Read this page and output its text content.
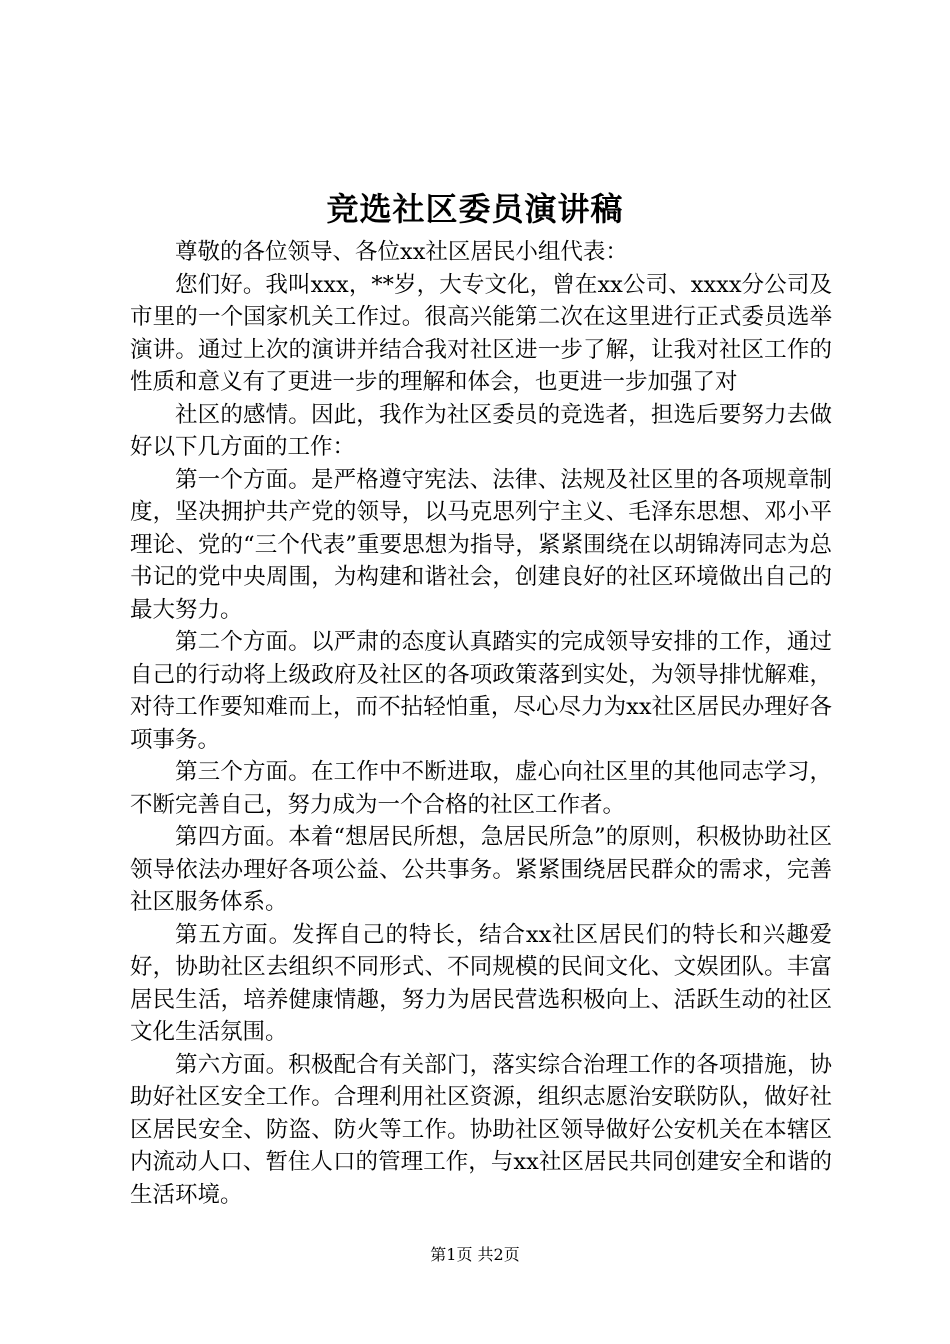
竞选社区委员演讲稿

尊敬的各位领导、各位xx社区居民小组代表：

您们好。我叫xxx，**岁，大专文化，曾在xx公司、xxxx分公司及市里的一个国家机关工作过。很高兴能第二次在这里进行正式委员选举演讲。通过上次的演讲并结合我对社区进一步了解，让我对社区工作的性质和意义有了更进一步的理解和体会，也更进一步加强了对

社区的感情。因此，我作为社区委员的竞选者，担选后要努力去做好以下几方面的工作：

第一个方面。是严格遵守宪法、法律、法规及社区里的各项规章制度，坚决拥护共产党的领导，以马克思列宁主义、毛泽东思想、邓小平理论、党的“三个代表”重要思想为指导，紧紧围绕在以胡锦涛同志为总书记的党中央周围，为构建和谐社会，创建良好的社区环境做出自己的最大努力。

第二个方面。以严肃的态度认真踏实的完成领导安排的工作，通过自己的行动将上级政府及社区的各项政策落到实处，为领导排忧解难，对待工作要知难而上，而不拈轻怕重，尽心尽力为xx社区居民办理好各项事务。

第三个方面。在工作中不断进取，虚心向社区里的其他同志学习，不断完善自己，努力成为一个合格的社区工作者。

第四方面。本着“想居民所想，急居民所急”的原则，积极协助社区领导依法办理好各项公益、公共事务。紧紧围绕居民群众的需求，完善社区服务体系。

第五方面。发挥自己的特长，结合xx社区居民们的特长和兴趣爱好，协助社区去组织不同形式、不同规模的民间文化、文娱团队。丰富居民生活，培养健康情趣，努力为居民营选积极向上、活跃生动的社区文化生活氛围。

第六方面。积极配合有关部门，落实综合治理工作的各项措施，协助好社区安全工作。合理利用社区资源，组织志愿治安联防队，做好社区居民安全、防盗、防火等工作。协助社区领导做好公安机关在本辖区内流动人口、暂住人口的管理工作，与xx社区居民共同创建安全和谐的生活环境。

第1页 共2页
